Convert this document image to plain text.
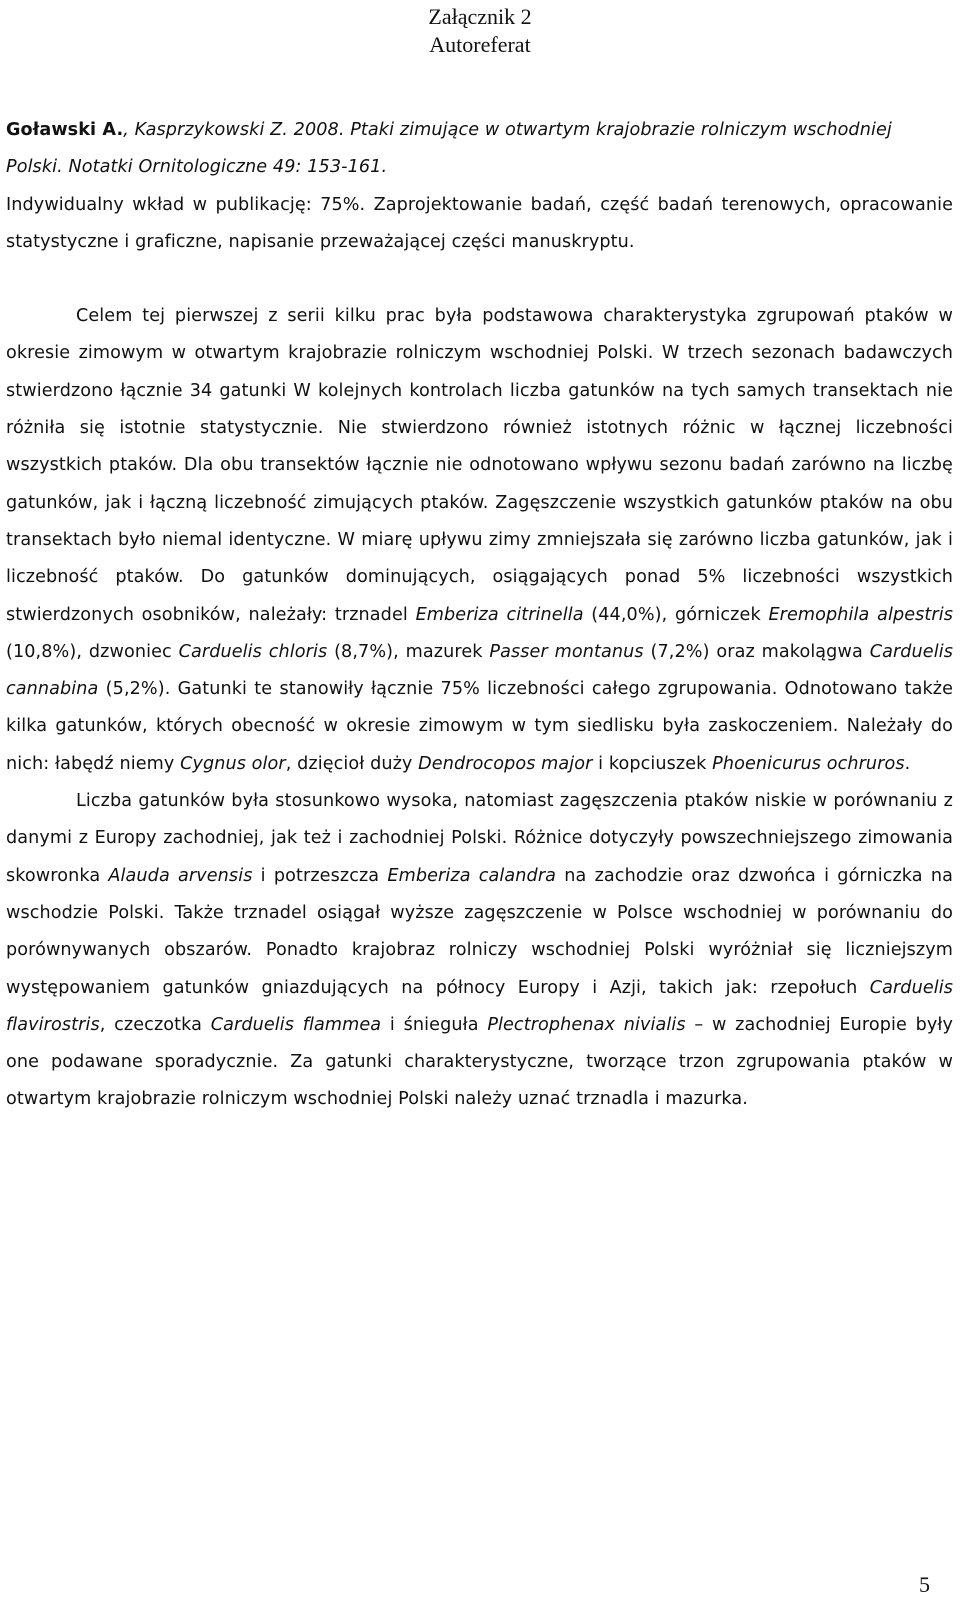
Załącznik 2
Autoreferat

Goławski A., Kasprzykowski Z. 2008. Ptaki zimujące w otwartym krajobrazie rolniczym wschodniej Polski. Notatki Ornitologiczne 49: 153-161.

Indywidualny wkład w publikację: 75%. Zaprojektowanie badań, część badań terenowych, opracowanie statystyczne i graficzne, napisanie przeważającej części manuskryptu.

Celem tej pierwszej z serii kilku prac była podstawowa charakterystyka zgrupowań ptaków w okresie zimowym w otwartym krajobrazie rolniczym wschodniej Polski. W trzech sezonach badawczych stwierdzono łącznie 34 gatunki W kolejnych kontrolach liczba gatunków na tych samych transektach nie różniła się istotnie statystycznie. Nie stwierdzono również istotnych różnic w łącznej liczebności wszystkich ptaków. Dla obu transektów łącznie nie odnotowano wpływu sezonu badań zarówno na liczbę gatunków, jak i łączną liczebność zimujących ptaków. Zagęszczenie wszystkich gatunków ptaków na obu transektach było niemal identyczne. W miarę upływu zimy zmniejszała się zarówno liczba gatunków, jak i liczebność ptaków. Do gatunków dominujących, osiągających ponad 5% liczebności wszystkich stwierdzonych osobników, należały: trznadel Emberiza citrinella (44,0%), górniczek Eremophila alpestris (10,8%), dzwoniec Carduelis chloris (8,7%), mazurek Passer montanus (7,2%) oraz makolągwa Carduelis cannabina (5,2%). Gatunki te stanowiły łącznie 75% liczebności całego zgrupowania. Odnotowano także kilka gatunków, których obecność w okresie zimowym w tym siedlisku była zaskoczeniem. Należały do nich: łabędź niemy Cygnus olor, dzięcioł duży Dendrocopos major i kopciuszek Phoenicurus ochruros.

Liczba gatunków była stosunkowo wysoka, natomiast zagęszczenia ptaków niskie w porównaniu z danymi z Europy zachodniej, jak też i zachodniej Polski. Różnice dotyczyły powszechniejszego zimowania skowronka Alauda arvensis i potrzeszcza Emberiza calandra na zachodzie oraz dzwońca i górniczka na wschodzie Polski. Także trznadel osiągał wyższe zagęszczenie w Polsce wschodniej w porównaniu do porównywanych obszarów. Ponadto krajobraz rolniczy wschodniej Polski wyróżniał się liczniejszym występowaniem gatunków gniazdujących na północy Europy i Azji, takich jak: rzepołuch Carduelis flavirostris, czeczotka Carduelis flammea i śnieguła Plectrophenax nivialis – w zachodniej Europie były one podawane sporadycznie. Za gatunki charakterystyczne, tworzące trzon zgrupowania ptaków w otwartym krajobrazie rolniczym wschodniej Polski należy uznać trznadla i mazurka.

5
